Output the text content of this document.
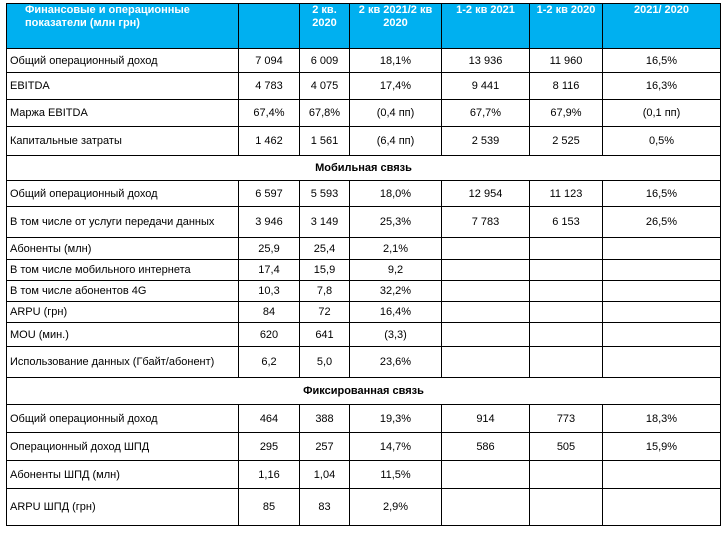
Финансовые и операционные показатели (млн грн)		2 кв. 2020	2 кв 2021/2 кв 2020	1-2 кв 2021	1-2 кв 2020	2021/ 2020
Общий операционный доход	7 094	6 009	18,1%	13 936	11 960	16,5%
EBITDA	4 783	4 075	17,4%	9 441	8 116	16,3%
Маржа EBITDA	67,4%	67,8%	(0,4 пп)	67,7%	67,9%	(0,1 пп)
Капитальные затраты	1 462	1 561	(6,4 пп)	2 539	2 525	0,5%
Мобильная связь						
Общий операционный доход	6 597	5 593	18,0%	12 954	11 123	16,5%
В том числе от услуги передачи данных	3 946	3 149	25,3%	7 783	6 153	26,5%
Абоненты (млн)	25,9	25,4	2,1%			
В том числе мобильного интернета	17,4	15,9	9,2			
В том числе абонентов 4G	10,3	7,8	32,2%			
ARPU (грн)	84	72	16,4%			
MOU (мин.)	620	641	(3,3)			
Использование данных (Гбайт/абонент)	6,2	5,0	23,6%			
Фиксированная связь						
Общий операционный доход	464	388	19,3%	914	773	18,3%
Операционный доход ШПД	295	257	14,7%	586	505	15,9%
Абоненты ШПД (млн)	1,16	1,04	11,5%			
ARPU ШПД (грн)	85	83	2,9%			
